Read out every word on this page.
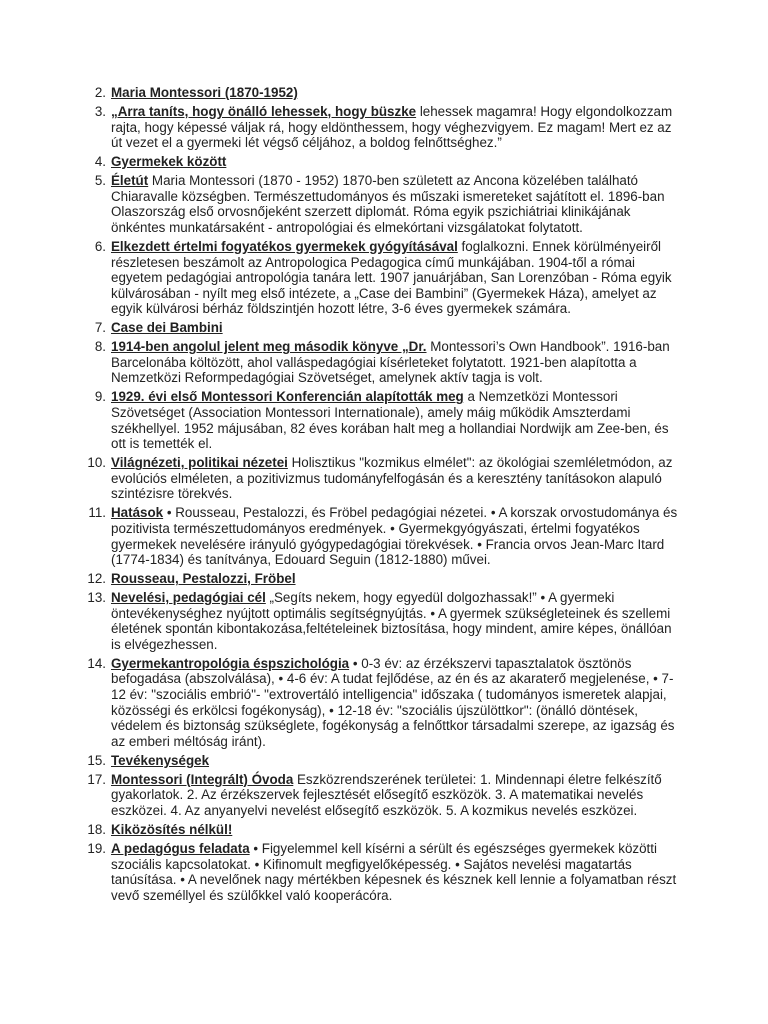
2. Maria Montessori (1870-1952)
3. „Arra taníts, hogy önálló lehessek, hogy büszke lehessek magamra! Hogy elgondolkozzam rajta, hogy képessé váljak rá, hogy eldönthessem, hogy véghezvigyem. Ez magam! Mert ez az út vezet el a gyermeki lét végső céljához, a boldog felnőttséghez.”
4. Gyermekek között
5. Életút Maria Montessori (1870 - 1952) 1870-ben született az Ancona közelében található Chiaravalle községben. Természettudományos és műszaki ismereteket sajátított el. 1896-ban Olaszország első orvosnőjeként szerzett diplomát. Róma egyik pszichiátriai klinikájának önkéntes munkatársaként - antropológiai és elmekórtani vizsgálatokat folytatott.
6. Elkezdett értelmi fogyatékos gyermekek gyógyításával foglalkozni. Ennek körülményeiről részletesen beszámolt az Antropologica Pedagogica című munkájában. 1904-től a római egyetem pedagógiai antropológia tanára lett. 1907 januárjában, San Lorenzóban - Róma egyik külvárosában - nyílt meg első intézete, a „Case dei Bambini” (Gyermekek Háza), amelyet az egyik külvárosi bérház földszintjén hozott létre, 3-6 éves gyermekek számára.
7. Case dei Bambini
8. 1914-ben angolul jelent meg második könyve „Dr. Montessori’s Own Handbook”. 1916-ban Barcelonába költözött, ahol valláspedagógiai kísérleteket folytatott. 1921-ben alapította a Nemzetközi Reformpedagógiai Szövetséget, amelynek aktív tagja is volt.
9. 1929. évi első Montessori Konferencián alapították meg a Nemzetközi Montessori Szövetséget (Association Montessori Internationale), amely máig működik Amszterdami székhellyel. 1952 májusában, 82 éves korában halt meg a hollandiai Nordwijk am Zee-ben, és ott is temették el.
10. Világnézeti, politikai nézetei Holisztikus "kozmikus elmélet": az ökológiai szemléletmódon, az evolúciós elméleten, a pozitivizmus tudományfelfogásán és a keresztény tanításokon alapuló szintézisre törekvés.
11. Hatások • Rousseau, Pestalozzi, és Fröbel pedagógiai nézetei. • A korszak orvostudománya és pozitivista természettudományos eredmények. • Gyermekgyógyászati, értelmi fogyatékos gyermekek nevelésére irányuló gyógypedagógiai törekvések. • Francia orvos Jean-Marc Itard (1774-1834) és tanítványa, Edouard Seguin (1812-1880) művei.
12. Rousseau, Pestalozzi, Fröbel
13. Nevelési, pedagógiai cél „Segíts nekem, hogy egyedül dolgozhassak!” • A gyermeki öntevékenységhez nyújtott optimális segítségnyújtás. • A gyermek szükségleteinek és szellemi életének spontán kibontakozása,feltételeinek biztosítása, hogy mindent, amire képes, önállóan is elvégezhessen.
14. Gyermekantropológia éspszichológia • 0-3 év: az érzékszervi tapasztalatok ösztönös befogadása (abszolválása), • 4-6 év: A tudat fejlődése, az én és az akaraterő megjelenése, • 7-12 év: "szociális embrió"- "extrovertáló intelligencia" időszaka ( tudományos ismeretek alapjai, közösségi és erkölcsi fogékonyság), • 12-18 év: "szociális újszülöttkor": (önálló döntések, védelem és biztonság szükséglete, fogékonyság a felnőttkor társadalmi szerepe, az igazság és az emberi méltóság iránt).
15. Tevékenységek
17. Montessori (Integrált) Óvoda Eszközrendszerének területei: 1. Mindennapi életre felkészítő gyakorlatok. 2. Az érzékszervek fejlesztését elősegítő eszközök. 3. A matematikai nevelés eszközei. 4. Az anyanyelvi nevelést elősegítő eszközök. 5. A kozmikus nevelés eszközei.
18. Kiközösítés nélkül!
19. A pedagógus feladata • Figyelemmel kell kísérni a sérült és egészséges gyermekek közötti szociális kapcsolatokat. • Kifinomult megfigyelőképesség. • Sajátos nevelési magatartás tanúsítása. • A nevelőnek nagy mértékben képesnek és késznek kell lennie a folyamatban részt vevő személlyel és szülőkkel való kooperácóra.
